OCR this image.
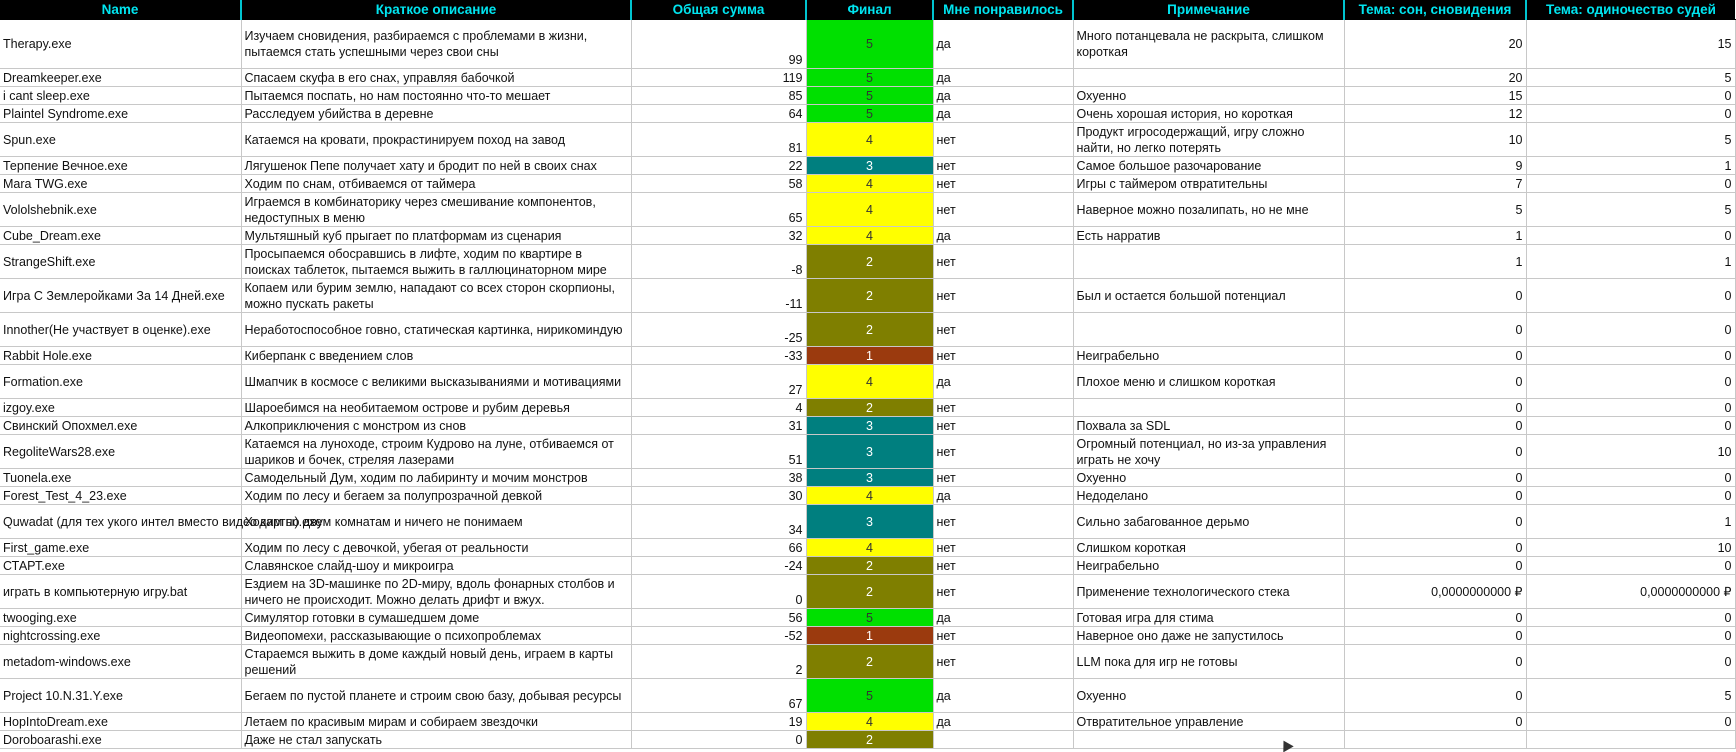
Name	Краткое описание	Общая сумма	Финал	Мне понравилось	Примечание	Тема: сон, сновидения	Тема: одиночество судей
Therapy.exe	Изучаем сновидения, разбираемся с проблемами в жизни, пытаемся стать успешными через свои сны	99	5	да	Много потанцевала не раскрыта, слишком короткая	20	15
Dreamkeeper.exe	Спасаем скуфа в его снах, управляя бабочкой	119	5	да		20	5
i cant sleep.exe	Пытаемся поспать, но нам постоянно что-то мешает	85	5	да	Охуенно	15	0
Plaintel Syndrome.exe	Расследуем убийства в деревне	64	5	да	Очень хорошая история, но короткая	12	0
Spun.exe	Катаемся на кровати, прокрастинируем поход на завод	81	4	нет	Продукт игросодержащий, игру сложно найти, но легко потерять	10	5
Терпение Вечное.exe	Лягушенок Пепе получает хату и бродит по ней в своих снах	22	3	нет	Самое большое разочарование	9	1
Mara TWG.exe	Ходим по снам, отбиваемся от таймера	58	4	нет	Игры с таймером отвратительны	7	0
Vololshebnik.exe	Играемся в комбинаторику через смешивание компонентов, недоступных в меню	65	4	нет	Наверное можно позалипать, но не мне	5	5
Cube_Dream.exe	Мультяшный куб прыгает по платформам из сценария	32	4	да	Есть нарратив	1	0
StrangeShift.exe	Просыпаемся обосравшись в лифте, ходим по квартире в поисках таблеток, пытаемся выжить в галлюцинаторном мире	-8	2	нет		1	1
Игра С Землеройками За 14 Дней.exe	Копаем или бурим землю, нападают со всех сторон скорпионы, можно пускать ракеты	-11	2	нет	Был и остается большой потенциал	0	0
Innother(Не участвует в оценке).exe	Неработоспособное говно, статическая картинка, нирикоминдую	-25	2	нет		0	0
Rabbit Hole.exe	Киберпанк с введением слов	-33	1	нет	Неиграбельно	0	0
Formation.exe	Шмапчик в космосе с великими высказываниями и мотивациями	27	4	да	Плохое меню и слишком короткая	0	0
izgoy.exe	Шароебимся на необитаемом острове и рубим деревья	4	2	нет		0	0
Свинский Опохмел.exe	Алкоприключения с монстром из снов	31	3	нет	Похвала за SDL	0	0
RegoliteWars28.exe	Катаемся на луноходе, строим Кудрово на луне, отбиваемся от шариков и бочек, стреляя лазерами	51	3	нет	Огромный потенциал, но из-за управления играть не хочу	0	10
Tuonela.exe	Самодельный Дум, ходим по лабиринту и мочим монстров	38	3	нет	Охуенно	0	0
Forest_Test_4_23.exe	Ходим по лесу и бегаем за полупрозрачной девкой	30	4	да	Недоделано	0	0
Quwadat (для тех укого интел вместо видео карты).exe	Ходим по двум комнатам и ничего не понимаем	34	3	нет	Сильно забагованное дерьмо	0	1
First_game.exe	Ходим по лесу с девочкой, убегая от реальности	66	4	нет	Слишком короткая	0	10
СТАРТ.exe	Славянское слайд-шоу и микроигра	-24	2	нет	Неиграбельно	0	0
играть в компьютерную игру.bat	Ездием на 3D-машинке по 2D-миру, вдоль фонарных столбов и ничего не происходит. Можно делать дрифт и вжух.	0	2	нет	Применение технологического стека	0,0000000000 ₽	0,0000000000 ₽
twooging.exe	Симулятор готовки в сумашедшем доме	56	5	да	Готовая игра для стима	0	0
nightcrossing.exe	Видеопомехи, рассказывающие о психопроблемах	-52	1	нет	Наверное оно даже не запустилось	0	0
metadom-windows.exe	Стараемся выжить в доме каждый новый день, играем в карты решений	2	2	нет	LLM пока для игр не готовы	0	0
Project 10.N.31.Y.exe	Бегаем по пустой планете и строим свою базу, добывая ресурсы	67	5	да	Охуенно	0	5
HopIntoDream.exe	Летаем по красивым мирам и собираем звездочки	19	4	да	Отвратительное управление	0	0
Doroboarashi.exe	Даже не стал запускать	0	2				
